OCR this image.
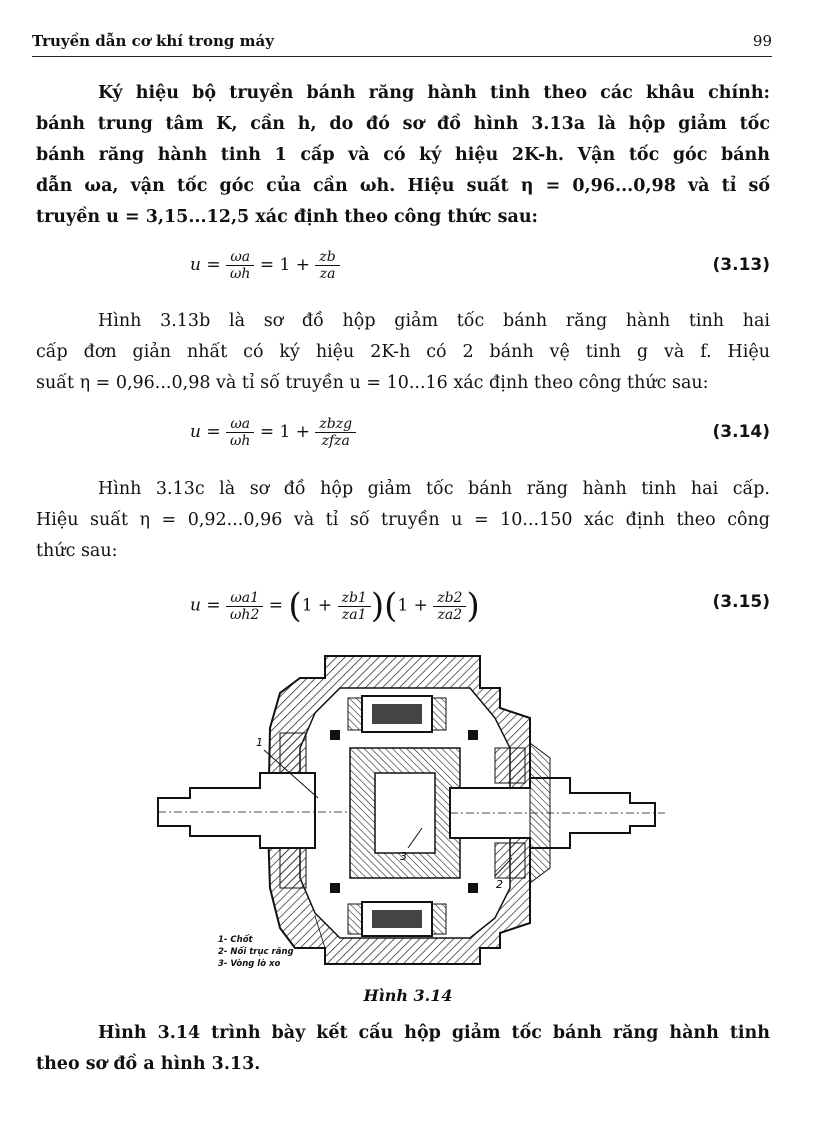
Truyền dẫn cơ khí trong máy	99
Ký hiệu bộ truyền bánh răng hành tinh theo các khâu chính:
bánh trung tâm K, cần h, do đó sơ đồ hình 3.13a là hộp giảm tốc
bánh răng hành tinh 1 cấp và có ký hiệu 2K-h. Vận tốc góc bánh
dẫn ωa, vận tốc góc của cần ωh. Hiệu suất η = 0,96...0,98 và tỉ số
truyền u = 3,15...12,5 xác định theo công thức sau:
$u = \frac{\omega a}{\omega h} = 1 + \frac{zb}{za}$	(3.13)
Hình 3.13b là sơ đồ hộp giảm tốc bánh răng hành tinh hai
cấp đơn giản nhất có ký hiệu 2K-h có 2 bánh vệ tinh g và f. Hiệu
suất η = 0,96...0,98 và tỉ số truyền u = 10...16 xác định theo công thức sau:
$u = \frac{\omega a}{\omega h} = 1 + \frac{\text{zbzg}}{\text{zfza}}$	(3.14)
Hình 3.13c là sơ đồ hộp giảm tốc bánh răng hành tinh hai cấp.
Hiệu suất η = 0,92...0,96 và tỉ số truyền u = 10...150 xác định theo công
thức sau:
$u = \frac{\omega a1}{\omega h2} = (1 + \frac{zb1}{za1} )(1 + \frac{zb2}{za2}$ )	(3.15)
1
3
2
1- Chốt
2- Nối trục răng
3- Vòng lò xo
Hình 3.14
Hình 3.14 trình bày kết cấu hộp giảm tốc bánh răng hành tinh
theo sơ đồ a hình 3.13.
